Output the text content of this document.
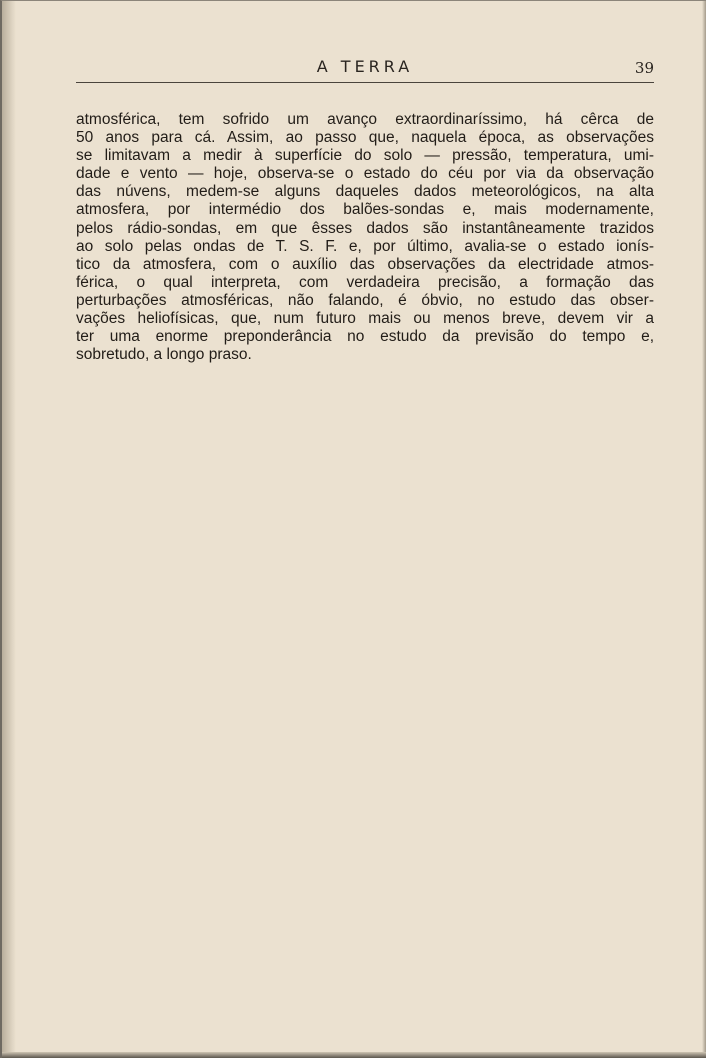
A TERRA	39
atmosférica, tem sofrido um avanço extraordinaríssimo, há cêrca de
50 anos para cá. Assim, ao passo que, naquela época, as observações
se limitavam a medir à superfície do solo — pressão, temperatura, umi-
dade e vento — hoje, observa-se o estado do céu por via da observação
das núvens, medem-se alguns daqueles dados meteorológicos, na alta
atmosfera, por intermédio dos balões-sondas e, mais modernamente,
pelos rádio-sondas, em que êsses dados são instantâneamente trazidos
ao solo pelas ondas de T. S. F. e, por último, avalia-se o estado ionís-
tico da atmosfera, com o auxílio das observações da electridade atmos-
férica, o qual interpreta, com verdadeira precisão, a formação das
perturbações atmosféricas, não falando, é óbvio, no estudo das obser-
vações heliofísicas, que, num futuro mais ou menos breve, devem vir a
ter uma enorme preponderância no estudo da previsão do tempo e,
sobretudo, a longo praso.
